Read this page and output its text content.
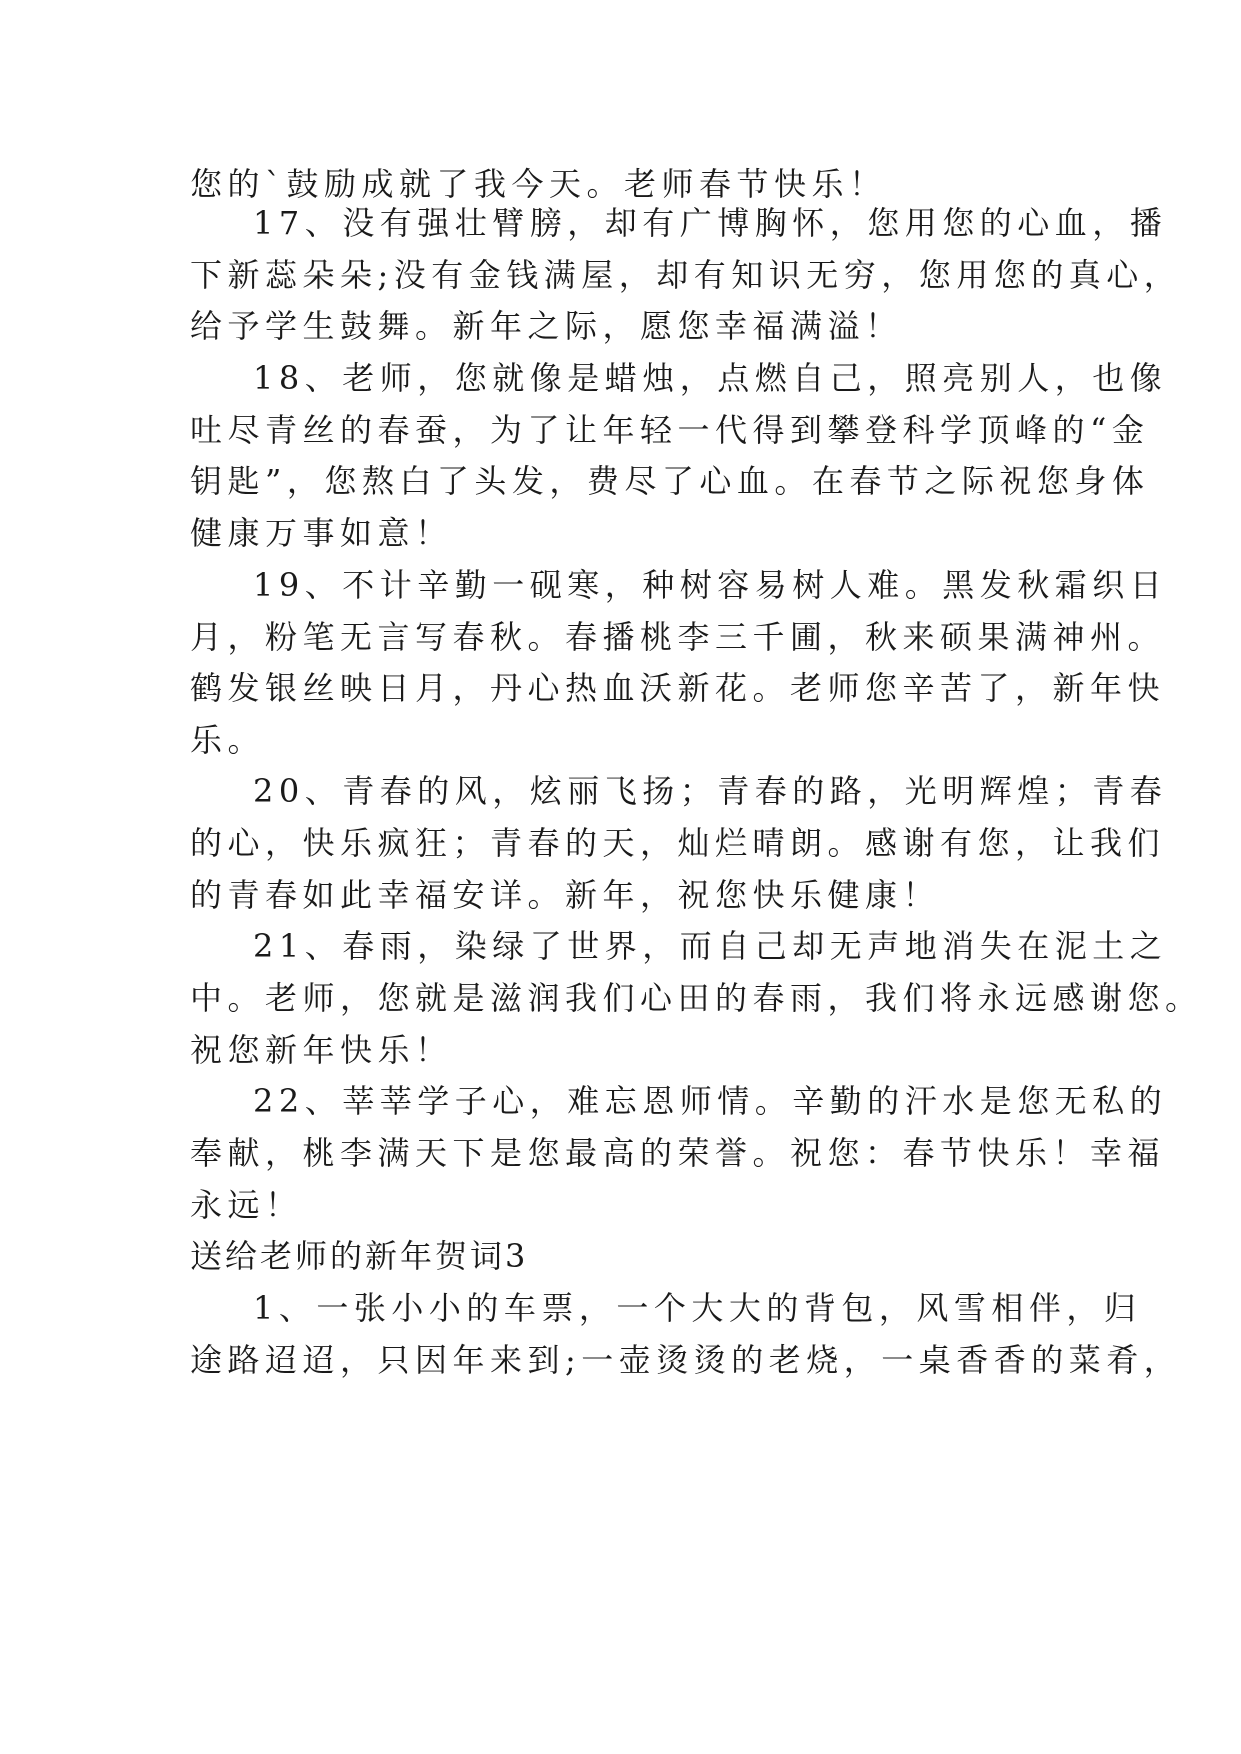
您的`鼓励成就了我今天。老师春节快乐！
17、没有强壮臂膀，却有广博胸怀，您用您的心血，播
下新蕊朵朵;没有金钱满屋，却有知识无穷，您用您的真心，
给予学生鼓舞。新年之际，愿您幸福满溢！
18、老师，您就像是蜡烛，点燃自己，照亮别人，也像
吐尽青丝的春蚕，为了让年轻一代得到攀登科学顶峰的“金
钥匙”，您熬白了头发，费尽了心血。在春节之际祝您身体
健康万事如意！
19、不计辛勤一砚寒，种树容易树人难。黑发秋霜织日
月，粉笔无言写春秋。春播桃李三千圃，秋来硕果满神州。
鹤发银丝映日月，丹心热血沃新花。老师您辛苦了，新年快
乐。
20、青春的风，炫丽飞扬；青春的路，光明辉煌；青春
的心，快乐疯狂；青春的天，灿烂晴朗。感谢有您，让我们
的青春如此幸福安详。新年，祝您快乐健康！
21、春雨，染绿了世界，而自己却无声地消失在泥土之
中。老师，您就是滋润我们心田的春雨，我们将永远感谢您。
祝您新年快乐！
22、莘莘学子心，难忘恩师情。辛勤的汗水是您无私的
奉献，桃李满天下是您最高的荣誉。祝您：春节快乐！幸福
永远！
送给老师的新年贺词3
1、一张小小的车票，一个大大的背包，风雪相伴，归
途路迢迢，只因年来到;一壶烫烫的老烧，一桌香香的菜肴，
